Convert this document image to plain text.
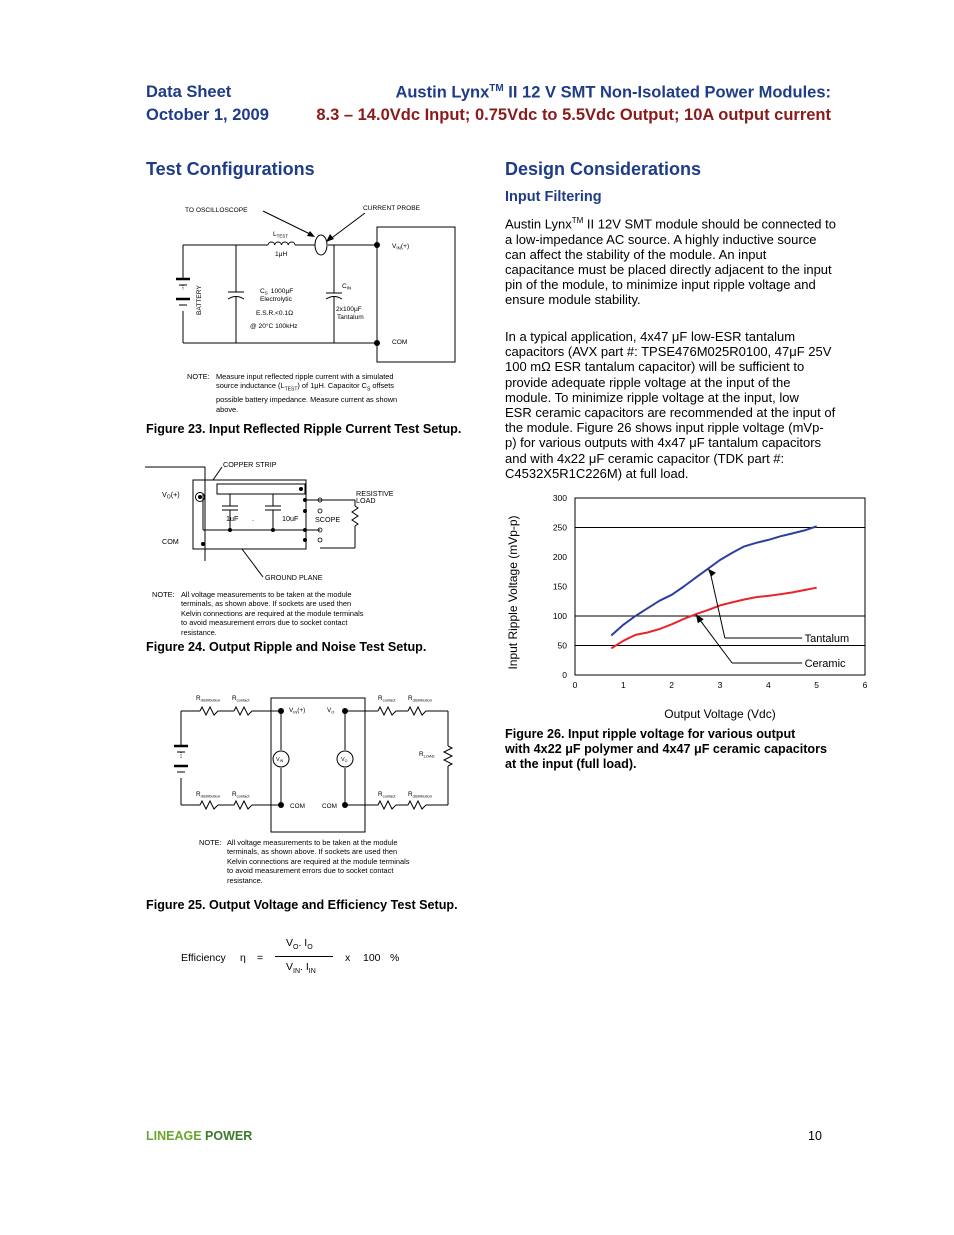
Data Sheet
October 1, 2009
Austin Lynx™ II 12 V SMT Non-Isolated Power Modules:
8.3 – 14.0Vdc Input; 0.75Vdc to 5.5Vdc Output; 10A output current
Test Configurations
TO OSCILLOSCOPE	CURRENT PROBE
$L_{TEST}$
1μH
BATTERY	$C_S$ 1000μF
Electrolytic
E.S.R.<0.1Ω
@ 20°C 100kHz
$C_{IN}$
2x100μF
Tantalum
$V_{IN}(+)$
COM
NOTE: Measure input reflected ripple current with a simulated
source inductance $(L_{TEST})$ of 1μH. Capacitor $C_S$ offsets
possible battery impedance. Measure current as shown
above.
Figure 23. Input Reflected Ripple Current Test Setup.
COPPER STRIP
$V_O(+)$
COM
1uF .	10uF SCOPE
RESISTIVE
LOAD
GROUND PLANE
NOTE: All voltage measurements to be taken at the module
terminals, as shown above. If sockets are used then
Kelvin connections are required at the module terminals
to avoid measurement errors due to socket contact
resistance.
Figure 24. Output Ripple and Noise Test Setup.
$R_{distribution}$ $R_{contact}$	$R_{contact}$ $R_{distribution}$
$R_{distribution}$ $R_{contact}$	$R_{contact}$ $R_{distribution}$
$R_{LOAD}$
$V_{IN}(+)$	$V_O$
$V_{IN}$	$V_O$
COM	COM
NOTE: All voltage measurements to be taken at the module
terminals, as shown above. If sockets are used then
Kelvin connections are required at the module terminals
to avoid measurement errors due to socket contact
resistance.
Figure 25. Output Voltage and Efficiency Test Setup.
Efficiency η =
$V_O$. $I_O$
$V_{IN}$. $I_{IN}$
x 100 %
Design Considerations
Input Filtering

Austin Lynx™ II 12V SMT module should be connected to

a low-impedance AC source. A highly inductive source

can affect the stability of the module. An input

capacitance must be placed directly adjacent to the input

pin of the module, to minimize input ripple voltage and

ensure module stability.

In a typical application, 4x47 μF low-ESR tantalum

capacitors (AVX part #: TPSE476M025R0100, 47μF 25V

100 mΩ ESR tantalum capacitor) will be sufficient to

provide adequate ripple voltage at the input of the

module. To minimize ripple voltage at the input, low

ESR ceramic capacitors are recommended at the input of

the module. Figure 26 shows input ripple voltage (mVp-

p) for various outputs with 4x47 μF tantalum capacitors

and with 4x22 μF ceramic capacitor (TDK part #:

C4532X5R1C226M) at full load.

300
250
200
150
100
50
0
0	1	2	3	4	5	6
Tantalum
Ceramic
Output Voltage (Vdc)
Input Ripple Voltage (mVp-p)
Figure 26. Input ripple voltage for various output
with 4x22 μF polymer and 4x47 μF ceramic capacitors
at the input (full load).
LINEAGE POWER	10
